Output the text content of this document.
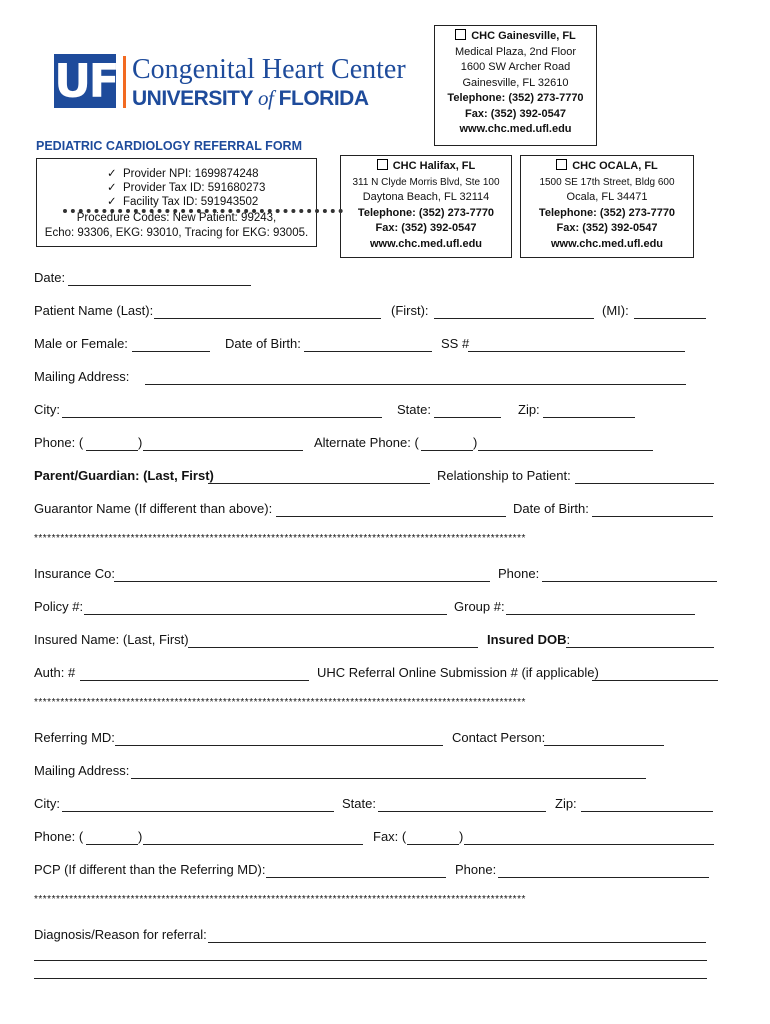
UF Congenital Heart Center
UNIVERSITY of FLORIDA
CHC Gainesville, FL
Medical Plaza, 2nd Floor
1600 SW Archer Road
Gainesville, FL 32610
Telephone: (352) 273-7770
Fax: (352) 392-0547
www.chc.med.ufl.edu
CHC Halifax, FL
311 N Clyde Morris Blvd, Ste 100
Daytona Beach, FL 32114
Telephone: (352) 273-7770
Fax: (352) 392-0547
www.chc.med.ufl.edu
CHC OCALA, FL
1500 SE 17th Street, Bldg 600
Ocala, FL 34471
Telephone: (352) 273-7770
Fax: (352) 392-0547
www.chc.med.ufl.edu
PEDIATRIC CARDIOLOGY REFERRAL FORM
✓ Provider NPI: 1699874248
✓ Provider Tax ID: 591680273
✓ Facility Tax ID: 591943502
Procedure Codes: New Patient: 99243,
Echo: 93306, EKG: 93010, Tracing for EKG: 93005.
Date:
Patient Name (Last):	(First):	(MI):
Male or Female:	Date of Birth:	SS #
Mailing Address:
City:	State:	Zip:
Phone: (	)	Alternate Phone: (	)
Parent/Guardian: (Last, First)	Relationship to Patient:
Guarantor Name (If different than above):	Date of Birth:
****************************************************************************************************************
Insurance Co:	Phone:
Policy #:	Group #:
Insured Name: (Last, First)	Insured DOB:
Auth: #	UHC Referral Online Submission # (if applicable)
****************************************************************************************************************
Referring MD:	Contact Person:
Mailing Address:
City:	State:	Zip:
Phone: (	)	Fax: (	)
PCP (If different than the Referring MD):	Phone:
****************************************************************************************************************
Diagnosis/Reason for referral:
